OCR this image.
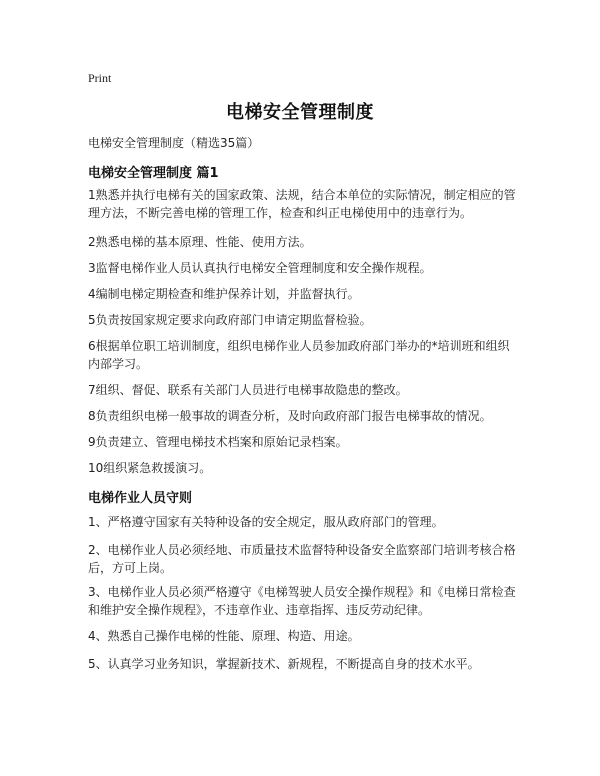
Print
电梯安全管理制度
电梯安全管理制度（精选35篇）
电梯安全管理制度 篇1
1熟悉并执行电梯有关的国家政策、法规，结合本单位的实际情况，制定相应的管理方法，不断完善电梯的管理工作，检查和纠正电梯使用中的违章行为。
2熟悉电梯的基本原理、性能、使用方法。
3监督电梯作业人员认真执行电梯安全管理制度和安全操作规程。
4编制电梯定期检查和维护保养计划，并监督执行。
5负责按国家规定要求向政府部门申请定期监督检验。
6根据单位职工培训制度，组织电梯作业人员参加政府部门举办的*培训班和组织内部学习。
7组织、督促、联系有关部门人员进行电梯事故隐患的整改。
8负责组织电梯一般事故的调查分析，及时向政府部门报告电梯事故的情况。
9负责建立、管理电梯技术档案和原始记录档案。
10组织紧急救援演习。
电梯作业人员守则
1、严格遵守国家有关特种设备的安全规定，服从政府部门的管理。
2、电梯作业人员必须经地、市质量技术监督特种设备安全监察部门培训考核合格后，方可上岗。
3、电梯作业人员必须严格遵守《电梯驾驶人员安全操作规程》和《电梯日常检查和维护安全操作规程》，不违章作业、违章指挥、违反劳动纪律。
4、熟悉自己操作电梯的性能、原理、构造、用途。
5、认真学习业务知识，掌握新技术、新规程，不断提高自身的技术水平。
